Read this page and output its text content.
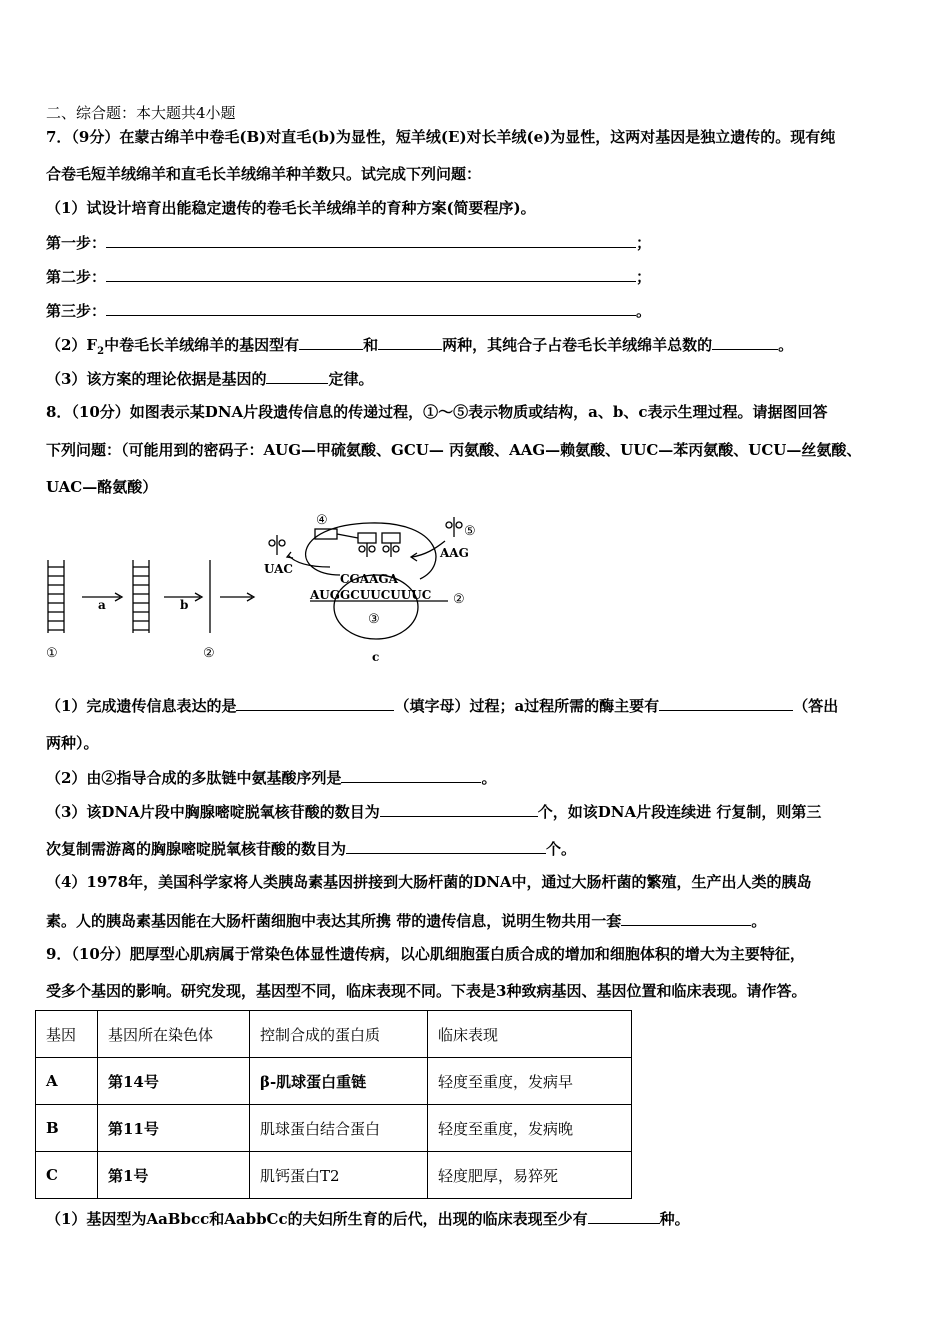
二、综合题：本大题共4小题
7．（9分）在蒙古绵羊中卷毛(B)对直毛(b)为显性，短羊绒(E)对长羊绒(e)为显性，这两对基因是独立遗传的。现有纯
合卷毛短羊绒绵羊和直毛长羊绒绵羊种羊数只。试完成下列问题：
（1）试设计培育出能稳定遗传的卷毛长羊绒绵羊的育种方案(简要程序)。
第一步：	；
第二步：	；
第三步：	。
$(2)F_2$中卷毛长羊绒绵羊的基因型有	和	两种，其纯合子占卷毛长羊绒绵羊总数的	。
（3）该方案的理论依据是基因的	定律。
8．（10分）如图表示某DNA片段遗传信息的传递过程，①～⑤表示物质或结构，a、b、c表示生理过程。请据图回答
下列问题：（可能用到的密码子：AUG—甲硫氨酸、GCU— 丙氨酸、AAG—赖氨酸、UUC—苯丙氨酸、UCU—丝氨酸、
UAC—酪氨酸）
①	②
③
④
⑤
②
a	b
c
UAC
CGAAGA
AUGGCUUCUUUC
AAG
（1）完成遗传信息表达的是	（填字母）过程；a过程所需的酶主要有	（答出
两种）。
（2）由②指导合成的多肽链中氨基酸序列是	。
（3）该DNA片段中胸腺嘧啶脱氧核苷酸的数目为	个，如该DNA片段连续进 行复制，则第三
次复制需游离的胸腺嘧啶脱氧核苷酸的数目为	个。
（4）1978年，美国科学家将人类胰岛素基因拼接到大肠杆菌的DNA中，通过大肠杆菌的繁殖，生产出人类的胰岛
素。人的胰岛素基因能在大肠杆菌细胞中表达其所携 带的遗传信息，说明生物共用一套	。
9．（10分）肥厚型心肌病属于常染色体显性遗传病，以心肌细胞蛋白质合成的增加和细胞体积的增大为主要特征，
受多个基因的影响。研究发现，基因型不同，临床表现不同。下表是3种致病基因、基因位置和临床表现。请作答。
基因	基因所在染色体	控制合成的蛋白质	临床表现
A	第14号	β-肌球蛋白重链	轻度至重度，发病早
B	第11号	肌球蛋白结合蛋白	轻度至重度，发病晚
C	第1号	肌钙蛋白T2	轻度肥厚，易猝死
（1）基因型为AaBbcc和AabbCc的夫妇所生育的后代，出现的临床表现至少有	种。
